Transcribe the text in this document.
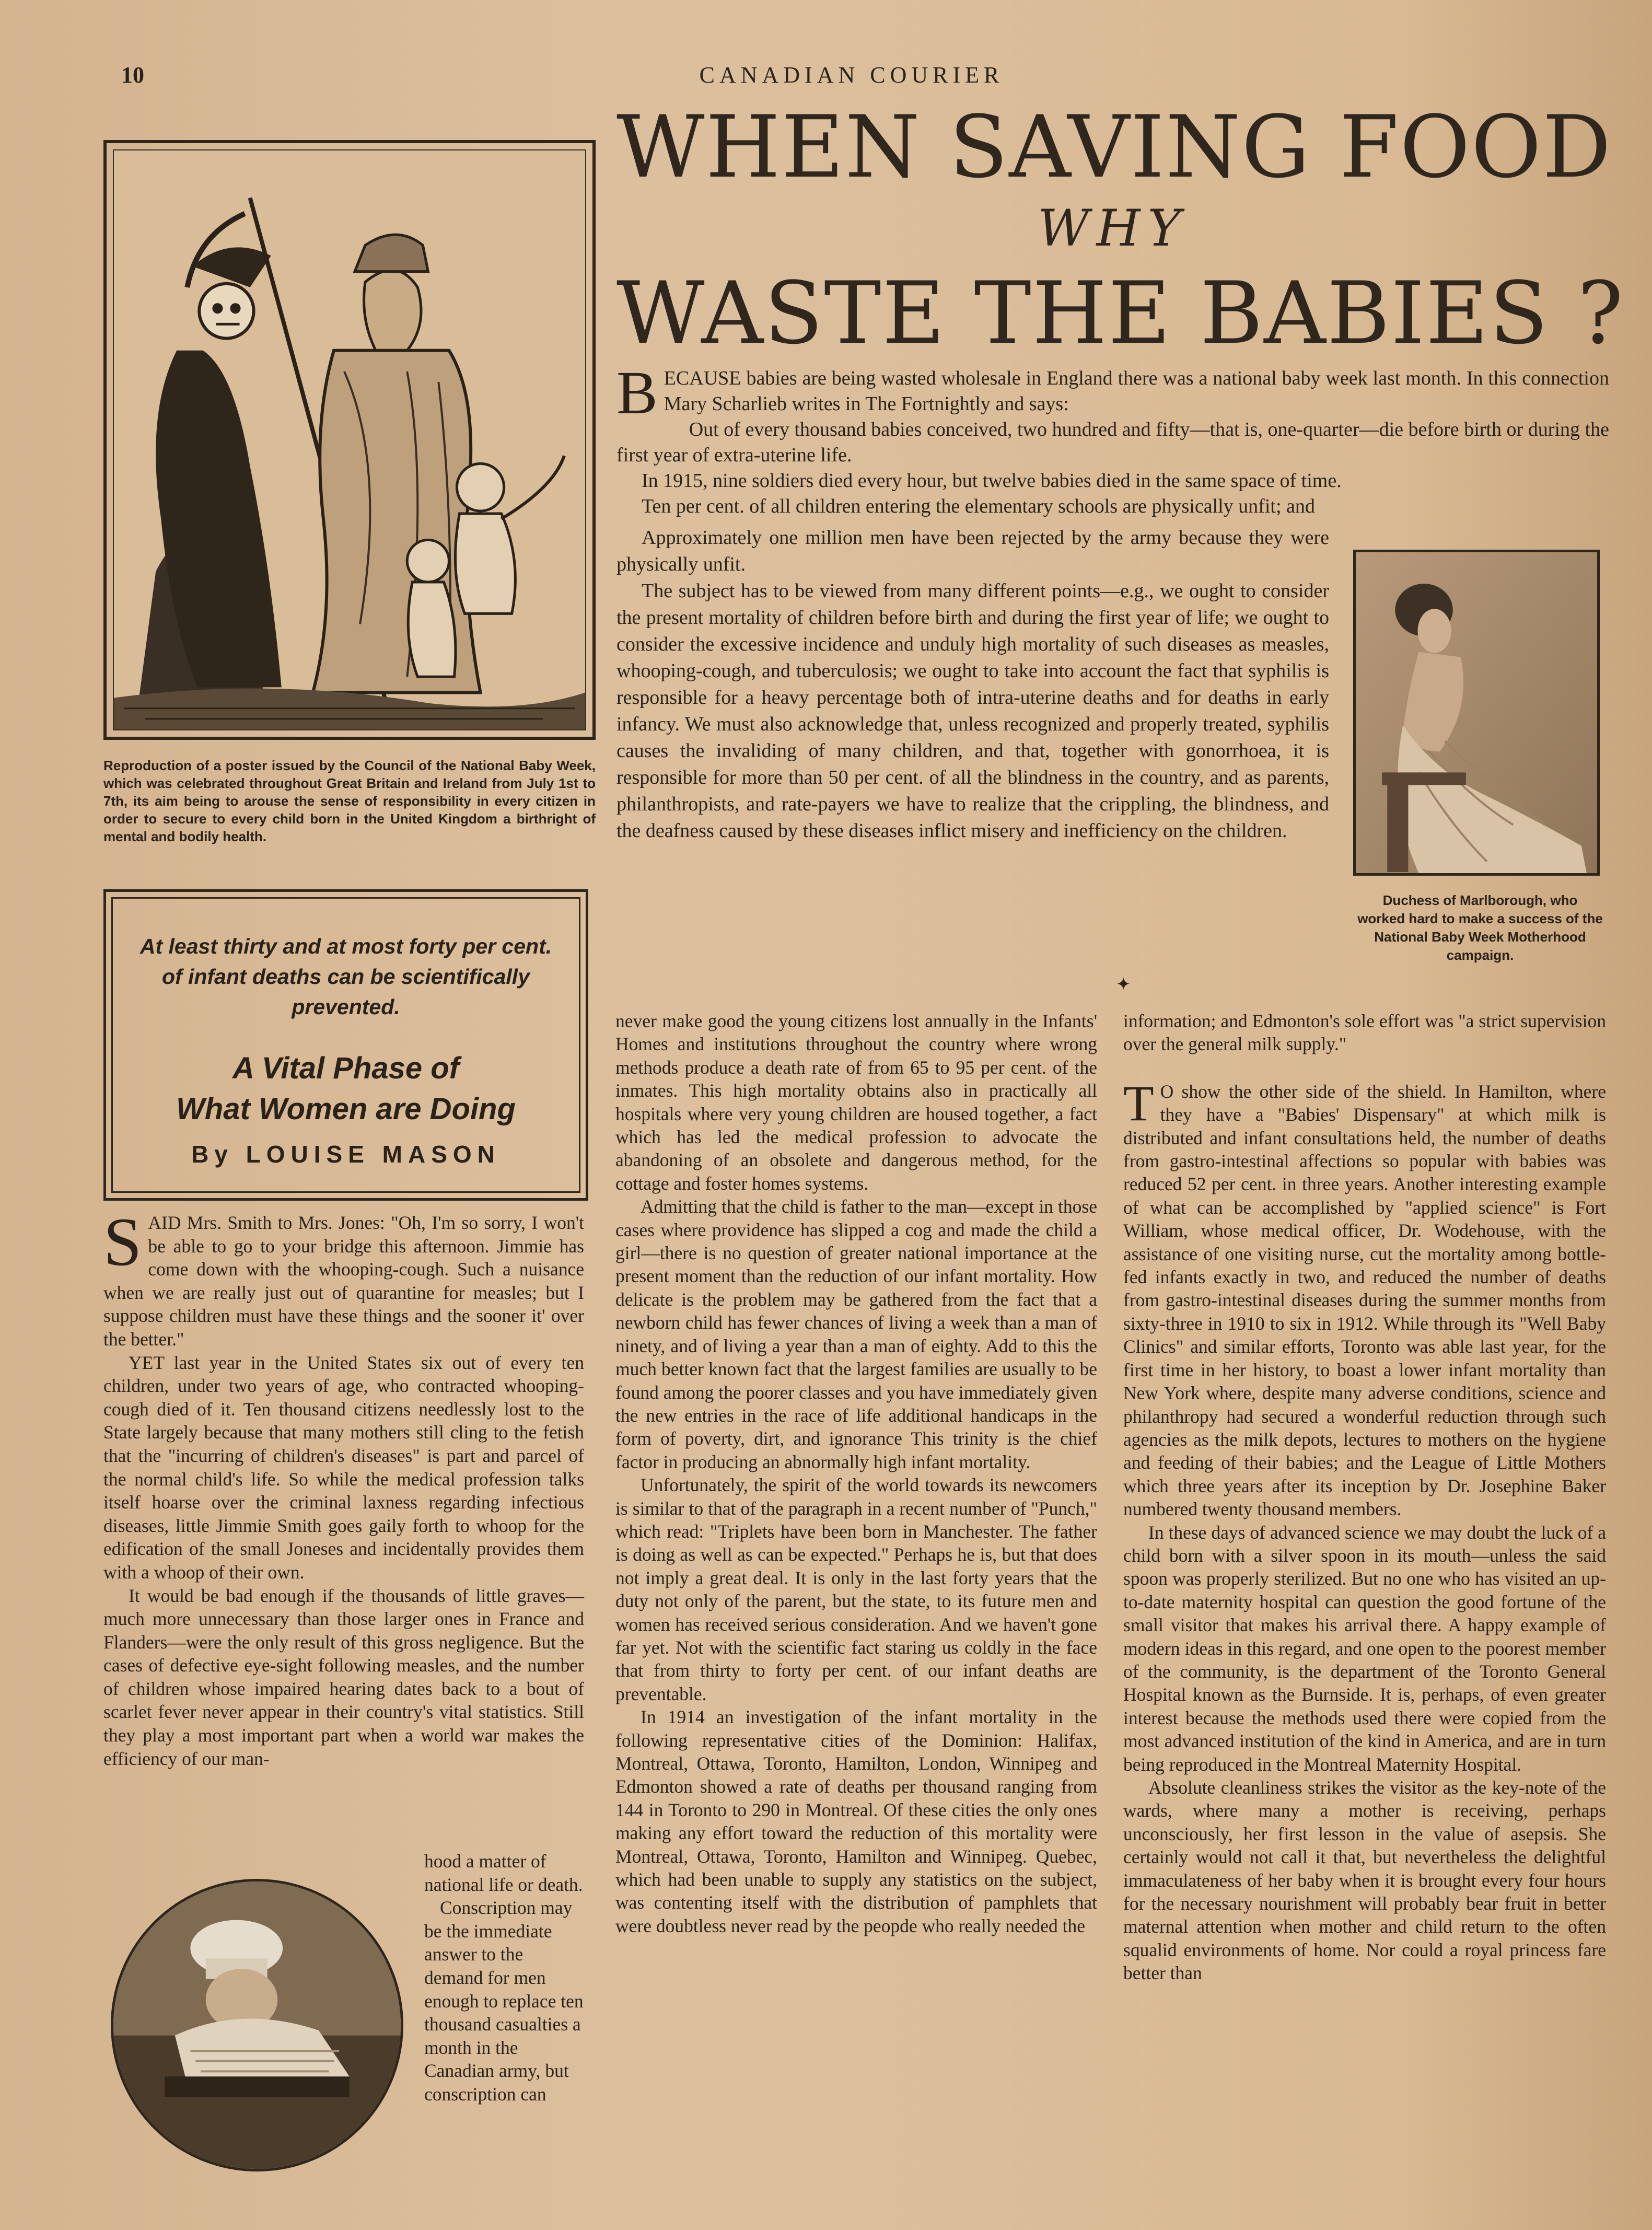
10	CANADIAN COURIER
Reproduction of a poster issued by the Council of the National Baby Week, which was celebrated throughout Great Britain and Ireland from July 1st to 7th, its aim being to arouse the sense of responsibility in every citizen in order to secure to every child born in the United Kingdom a birthright of mental and bodily health.
At least thirty and at most forty per cent. of infant deaths can be scientifically prevented.
A Vital Phase of
What Women are Doing
By LOUISE MASON
WHEN SAVING FOOD
WHY
WASTE THE BABIES ?
B ECAUSE babies are being wasted wholesale in England there was a national baby week last month. In this connection Mary Scharlieb writes in The Fortnightly and says:

Out of every thousand babies conceived, two hundred and fifty—that is, one-quarter—die before birth or during the first year of extra-uterine life.

In 1915, nine soldiers died every hour, but twelve babies died in the same space of time.

Ten per cent. of all children entering the elementary schools are physically unfit; and

Approximately one million men have been rejected by the army because they were physically unfit.

The subject has to be viewed from many different points—e.g., we ought to consider the present mortality of children before birth and during the first year of life; we ought to consider the excessive incidence and unduly high mortality of such diseases as measles, whooping-cough, and tuberculosis; we ought to take into account the fact that syphilis is responsible for a heavy percentage both of intra-uterine deaths and for deaths in early infancy. We must also acknowledge that, unless recognized and properly treated, syphilis causes the invaliding of many children, and that, together with gonorrhoea, it is responsible for more than 50 per cent. of all the blindness in the country, and as parents, philanthropists, and rate-payers we have to realize that the crippling, the blindness, and the deafness caused by these diseases inflict misery and inefficiency on the children.

Duchess of Marlborough, who worked hard to make a success of the National Baby Week Motherhood campaign.
✦
S AID Mrs. Smith to Mrs. Jones: "Oh, I'm so sorry, I won't be able to go to your bridge this afternoon. Jimmie has come down with the whooping-cough. Such a nuisance when we are really just out of quarantine for measles; but I suppose children must have these things and the sooner it' over the better."

YET last year in the United States six out of every ten children, under two years of age, who contracted whooping-cough died of it. Ten thousand citizens needlessly lost to the State largely because that many mothers still cling to the fetish that the "incurring of children's diseases" is part and parcel of the normal child's life. So while the medical profession talks itself hoarse over the criminal laxness regarding infectious diseases, little Jimmie Smith goes gaily forth to whoop for the edification of the small Joneses and incidentally provides them with a whoop of their own.

It would be bad enough if the thousands of little graves—much more unnecessary than those larger ones in France and Flanders—were the only result of this gross negligence. But the cases of defective eye-sight following measles, and the number of children whose impaired hearing dates back to a bout of scarlet fever never appear in their country's vital statistics. Still they play a most important part when a world war makes the efficiency of our man-

hood a matter of national life or death.

Conscription may be the immediate answer to the demand for men enough to replace ten thousand casualties a month in the Canadian army, but conscription can

never make good the young citizens lost annually in the Infants' Homes and institutions throughout the country where wrong methods produce a death rate of from 65 to 95 per cent. of the inmates. This high mortality obtains also in practically all hospitals where very young children are housed together, a fact which has led the medical profession to advocate the abandoning of an obsolete and dangerous method, for the cottage and foster homes systems.

Admitting that the child is father to the man—except in those cases where providence has slipped a cog and made the child a girl—there is no question of greater national importance at the present moment than the reduction of our infant mortality. How delicate is the problem may be gathered from the fact that a newborn child has fewer chances of living a week than a man of ninety, and of living a year than a man of eighty. Add to this the much better known fact that the largest families are usually to be found among the poorer classes and you have immediately given the new entries in the race of life additional handicaps in the form of poverty, dirt, and ignorance This trinity is the chief factor in producing an abnormally high infant mortality.

Unfortunately, the spirit of the world towards its newcomers is similar to that of the paragraph in a recent number of "Punch," which read: "Triplets have been born in Manchester. The father is doing as well as can be expected." Perhaps he is, but that does not imply a great deal. It is only in the last forty years that the duty not only of the parent, but the state, to its future men and women has received serious consideration. And we haven't gone far yet. Not with the scientific fact staring us coldly in the face that from thirty to forty per cent. of our infant deaths are preventable.

In 1914 an investigation of the infant mortality in the following representative cities of the Dominion: Halifax, Montreal, Ottawa, Toronto, Hamilton, London, Winnipeg and Edmonton showed a rate of deaths per thousand ranging from 144 in Toronto to 290 in Montreal. Of these cities the only ones making any effort toward the reduction of this mortality were Montreal, Ottawa, Toronto, Hamilton and Winnipeg. Quebec, which had been unable to supply any statistics on the subject, was contenting itself with the distribution of pamphlets that were doubtless never read by the peopde who really needed the

information; and Edmonton's sole effort was "a strict supervision over the general milk supply."

T O show the other side of the shield. In Hamilton, where they have a "Babies' Dispensary" at which milk is distributed and infant consultations held, the number of deaths from gastro-intestinal affections so popular with babies was reduced 52 per cent. in three years. Another interesting example of what can be accomplished by "applied science" is Fort William, whose medical officer, Dr. Wodehouse, with the assistance of one visiting nurse, cut the mortality among bottle-fed infants exactly in two, and reduced the number of deaths from gastro-intestinal diseases during the summer months from sixty-three in 1910 to six in 1912. While through its "Well Baby Clinics" and similar efforts, Toronto was able last year, for the first time in her history, to boast a lower infant mortality than New York where, despite many adverse conditions, science and philanthropy had secured a wonderful reduction through such agencies as the milk depots, lectures to mothers on the hygiene and feeding of their babies; and the League of Little Mothers which three years after its inception by Dr. Josephine Baker numbered twenty thousand members.

In these days of advanced science we may doubt the luck of a child born with a silver spoon in its mouth—unless the said spoon was properly sterilized. But no one who has visited an up-to-date maternity hospital can question the good fortune of the small visitor that makes his arrival there. A happy example of modern ideas in this regard, and one open to the poorest member of the community, is the department of the Toronto General Hospital known as the Burnside. It is, perhaps, of even greater interest because the methods used there were copied from the most advanced institution of the kind in America, and are in turn being reproduced in the Montreal Maternity Hospital.

Absolute cleanliness strikes the visitor as the key-note of the wards, where many a mother is receiving, perhaps unconsciously, her first lesson in the value of asepsis. She certainly would not call it that, but nevertheless the delightful immaculateness of her baby when it is brought every four hours for the necessary nourishment will probably bear fruit in better maternal attention when mother and child return to the often squalid environments of home. Nor could a royal princess fare better than
